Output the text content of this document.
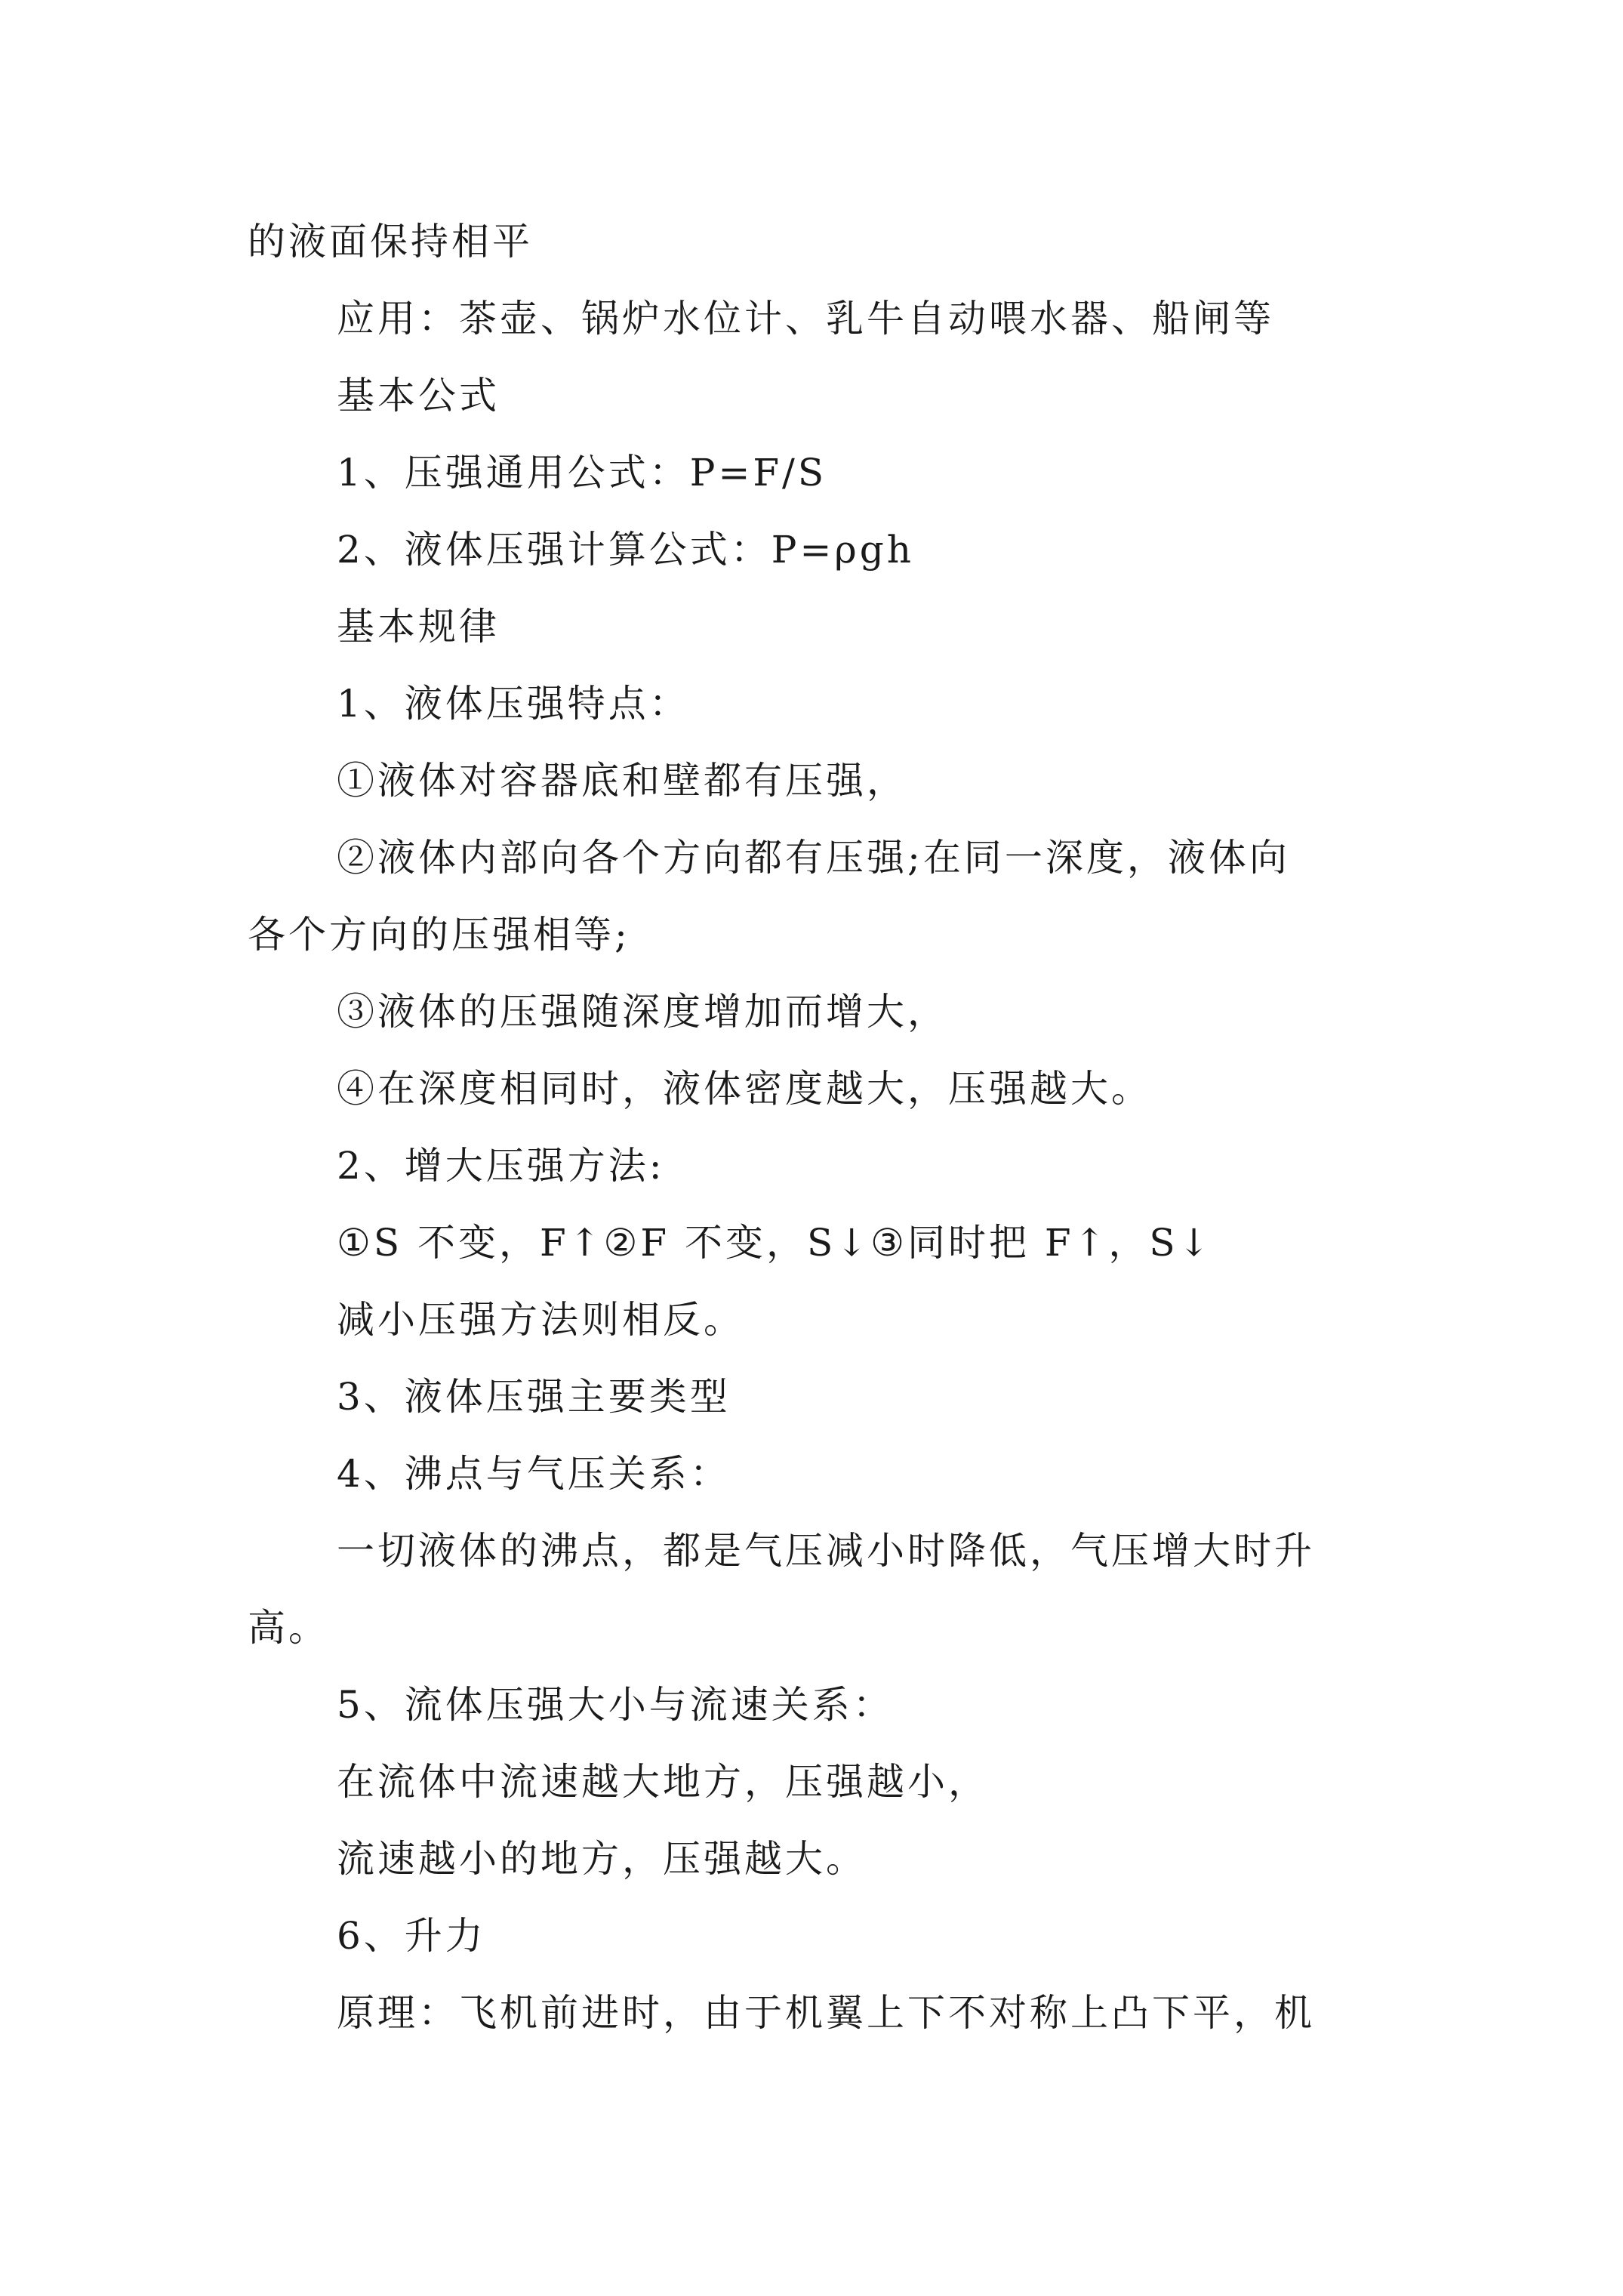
的液面保持相平
应用：茶壶、锅炉水位计、乳牛自动喂水器、船闸等
基本公式
1、压强通用公式：P=F/S
2、液体压强计算公式：P=ρgh
基本规律
1、液体压强特点：
①液体对容器底和壁都有压强，
②液体内部向各个方向都有压强;在同一深度，液体向
各个方向的压强相等;
③液体的压强随深度增加而增大，
④在深度相同时，液体密度越大，压强越大。
2、增大压强方法:
①S 不变，F↑②F 不变，S↓③同时把 F↑，S↓
减小压强方法则相反。
3、液体压强主要类型
4、沸点与气压关系：
一切液体的沸点，都是气压减小时降低，气压增大时升
高。
5、流体压强大小与流速关系：
在流体中流速越大地方，压强越小，
流速越小的地方，压强越大。
6、升力
原理：飞机前进时，由于机翼上下不对称上凸下平，机
